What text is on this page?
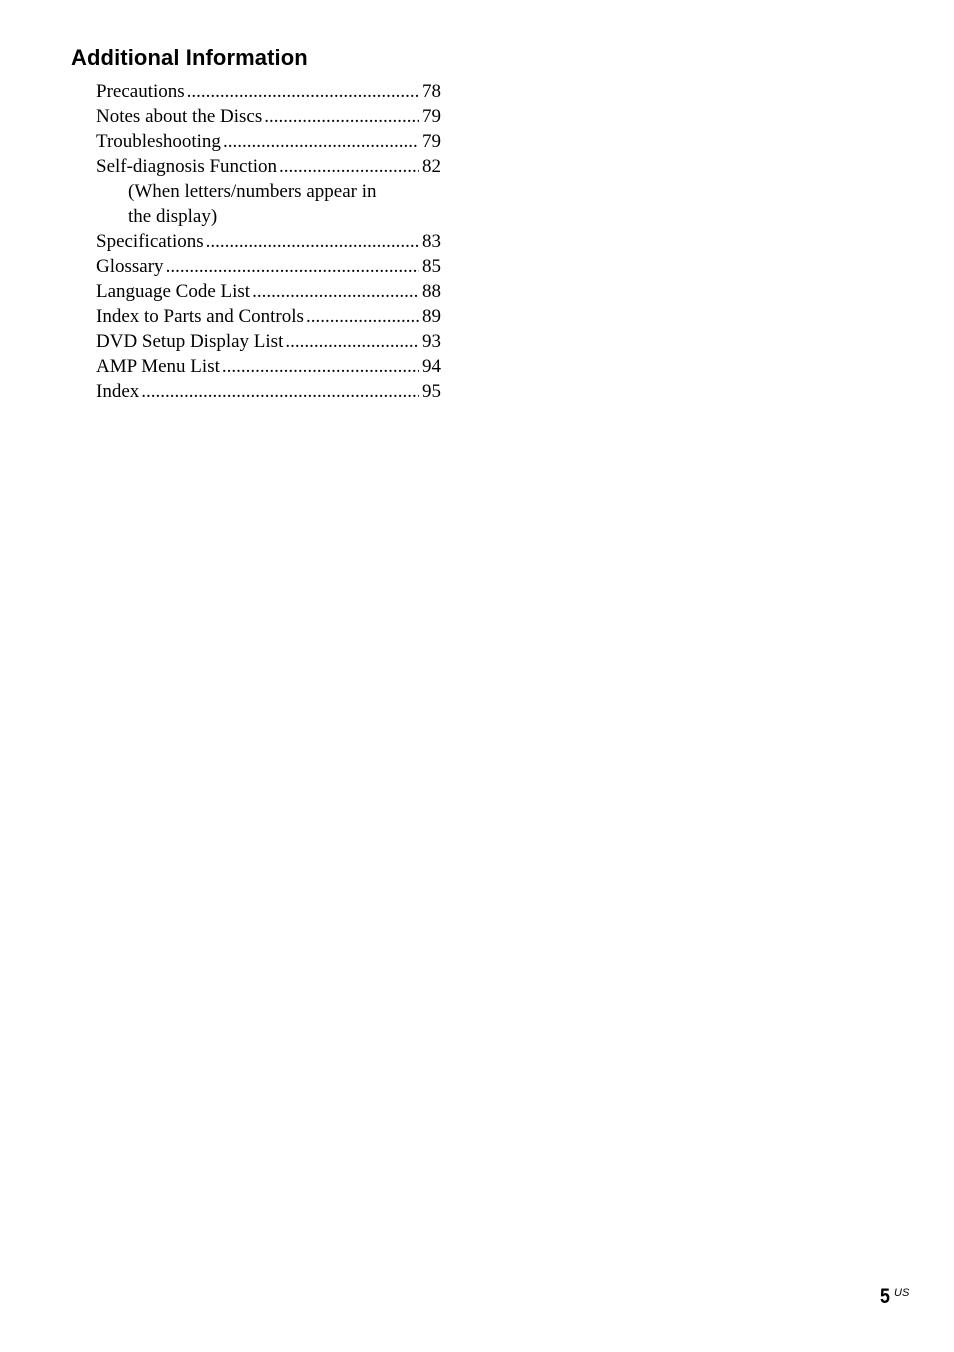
Additional Information
Precautions .....	78
Notes about the Discs .....	79
Troubleshooting .....	79
Self-diagnosis Function .....	82
(When letters/numbers appear in
the display)
Specifications .....	83
Glossary .....	85
Language Code List .....	88
Index to Parts and Controls .....	89
DVD Setup Display List .....	93
AMP Menu List .....	94
Index .....	95
5 US
